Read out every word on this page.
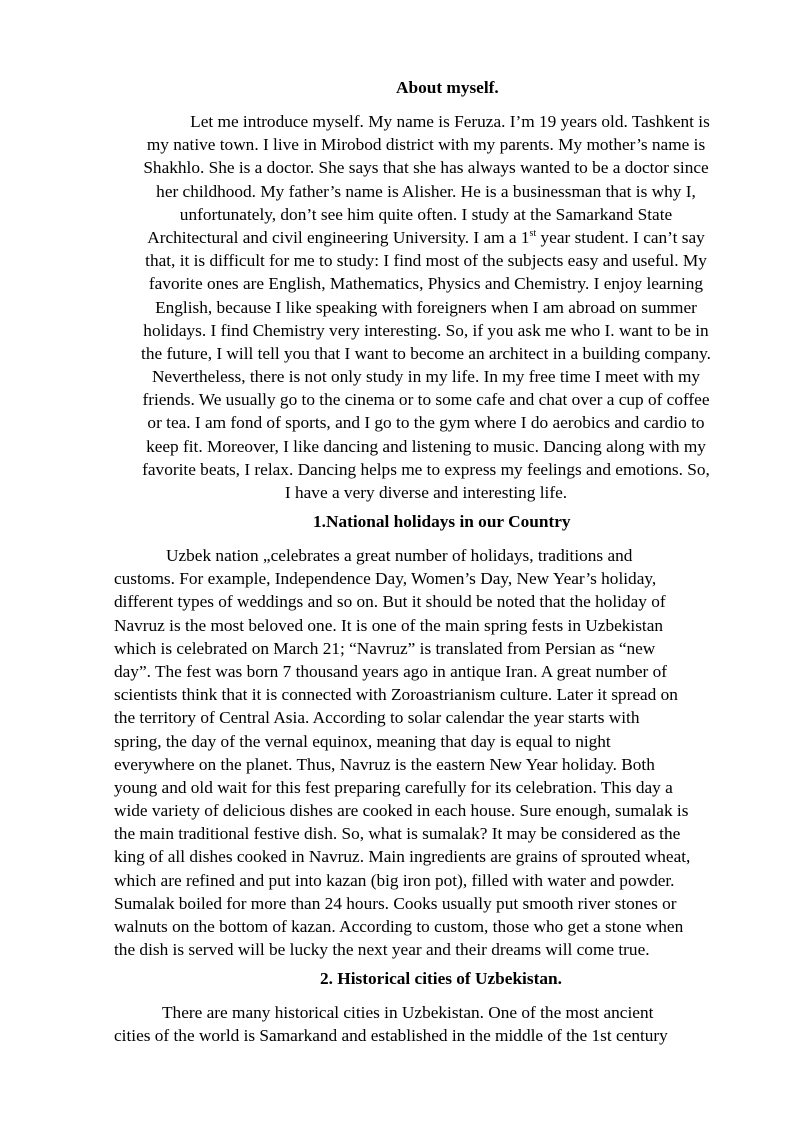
About myself.
Let me introduce myself. My name is Feruza. I’m 19 years old. Tashkent is
my native town. I live in Mirobod district with my parents. My mother’s name is
Shakhlo. She is a doctor. She says that she has always wanted to be a doctor since
her childhood. My father’s name is Alisher. He is a businessman that is why I,
unfortunately, don’t see him quite often. I study at the Samarkand State
Architectural and civil engineering University. I am a 1st year student. I can’t say
that, it is difficult for me to study: I find most of the subjects easy and useful. My
favorite ones are English, Mathematics, Physics and Chemistry. I enjoy learning
English, because I like speaking with foreigners when I am abroad on summer
holidays. I find Chemistry very interesting. So, if you ask me who I. want to be in
the future, I will tell you that I want to become an architect in a building company.
Nevertheless, there is not only study in my life. In my free time I meet with my
friends. We usually go to the cinema or to some cafe and chat over a cup of coffee
or tea. I am fond of sports, and I go to the gym where I do aerobics and cardio to
keep fit. Moreover, I like dancing and listening to music. Dancing along with my
favorite beats, I relax. Dancing helps me to express my feelings and emotions. So,
I have a very diverse and interesting life.
1.National holidays in our Country
Uzbek nation „celebrates a great number of holidays, traditions and
customs. For example, Independence Day, Women’s Day, New Year’s holiday,
different types of weddings and so on. But it should be noted that the holiday of
Navruz is the most beloved one. It is one of the main spring fests in Uzbekistan
which is celebrated on March 21; “Navruz” is translated from Persian as “new
day”. The fest was born 7 thousand years ago in antique Iran. A great number of
scientists think that it is connected with Zoroastrianism culture. Later it spread on
the territory of Central Asia. According to solar calendar the year starts with
spring, the day of the vernal equinox, meaning that day is equal to night
everywhere on the planet. Thus, Navruz is the eastern New Year holiday. Both
young and old wait for this fest preparing carefully for its celebration. This day a
wide variety of delicious dishes are cooked in each house. Sure enough, sumalak is
the main traditional festive dish. So, what is sumalak? It may be considered as the
king of all dishes cooked in Navruz. Main ingredients are grains of sprouted wheat,
which are refined and put into kazan (big iron pot), filled with water and powder.
Sumalak boiled for more than 24 hours. Cooks usually put smooth river stones or
walnuts on the bottom of kazan. According to custom, those who get a stone when
the dish is served will be lucky the next year and their dreams will come true.
2. Historical cities of Uzbekistan.
There are many historical cities in Uzbekistan. One of the most ancient
cities of the world is Samarkand and established in the middle of the 1st century
